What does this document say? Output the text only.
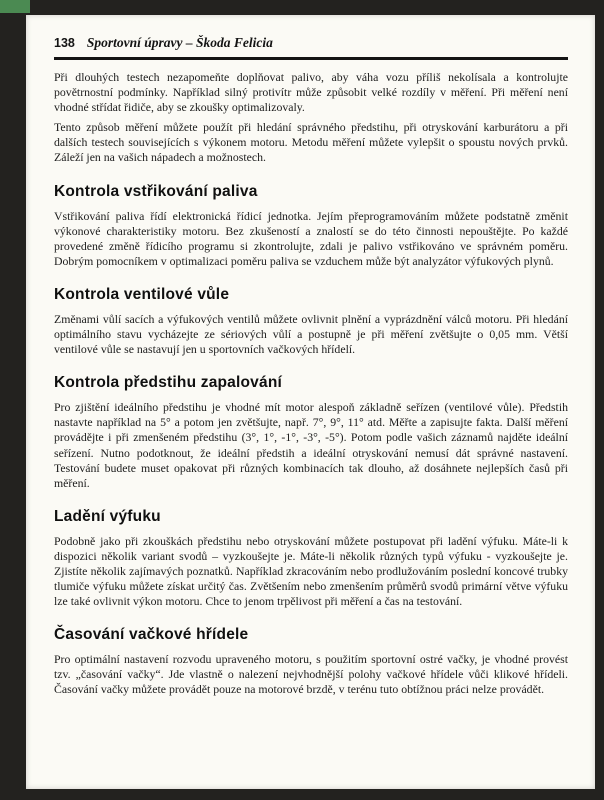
138 Sportovní úpravy – Škoda Felicia

Při dlouhých testech nezapomeňte doplňovat palivo, aby váha vozu příliš nekolísala a kontrolujte povětrnostní podmínky. Například silný protivítr může způsobit velké rozdíly v měření. Při měření není vhodné střídat řidiče, aby se zkoušky optimalizovaly.

Tento způsob měření můžete použít při hledání správného předstihu, při otryskování karburátoru a při dalších testech souvisejících s výkonem motoru. Metodu měření můžete vylepšit o spoustu nových prvků. Záleží jen na vašich nápadech a možnostech.

Kontrola vstřikování paliva

Vstřikování paliva řídí elektronická řídicí jednotka. Jejím přeprogramováním můžete podstatně změnit výkonové charakteristiky motoru. Bez zkušeností a znalostí se do této činnosti nepouštějte. Po každé provedené změně řídicího programu si zkontrolujte, zdali je palivo vstřikováno ve správném poměru. Dobrým pomocníkem v optimalizaci poměru paliva se vzduchem může být analyzátor výfukových plynů.

Kontrola ventilové vůle

Změnami vůlí sacích a výfukových ventilů můžete ovlivnit plnění a vyprázdnění válců motoru. Při hledání optimálního stavu vycházejte ze sériových vůlí a postupně je při měření zvětšujte o 0,05 mm. Větší ventilové vůle se nastavují jen u sportovních vačkových hřídelí.

Kontrola předstihu zapalování

Pro zjištění ideálního předstihu je vhodné mít motor alespoň základně seřízen (ventilové vůle). Předstih nastavte například na 5° a potom jen zvětšujte, např. 7°, 9°, 11° atd. Měřte a zapisujte fakta. Další měření provádějte i při zmenšeném předstihu (3°, 1°, -1°, -3°, -5°). Potom podle vašich záznamů najděte ideální seřízení. Nutno podotknout, že ideální předstih a ideální otryskování nemusí dát správné nastavení. Testování budete muset opakovat při různých kombinacích tak dlouho, až dosáhnete nejlepších časů při měření.

Ladění výfuku

Podobně jako při zkouškách předstihu nebo otryskování můžete postupovat při ladění výfuku. Máte-li k dispozici několik variant svodů – vyzkoušejte je. Máte-li několik různých typů výfuku - vyzkoušejte je. Zjistíte několik zajímavých poznatků. Například zkracováním nebo prodlužováním poslední koncové trubky tlumiče výfuku můžete získat určitý čas. Zvětšením nebo zmenšením průměrů svodů primární větve výfuku lze také ovlivnit výkon motoru. Chce to jenom trpělivost při měření a čas na testování.

Časování vačkové hřídele

Pro optimální nastavení rozvodu upraveného motoru, s použitím sportovní ostré vačky, je vhodné provést tzv. „časování vačky“. Jde vlastně o nalezení nejvhodnější polohy vačkové hřídele vůči klikové hřídeli. Časování vačky můžete provádět pouze na motorové brzdě, v terénu tuto obtížnou práci nelze provádět.
